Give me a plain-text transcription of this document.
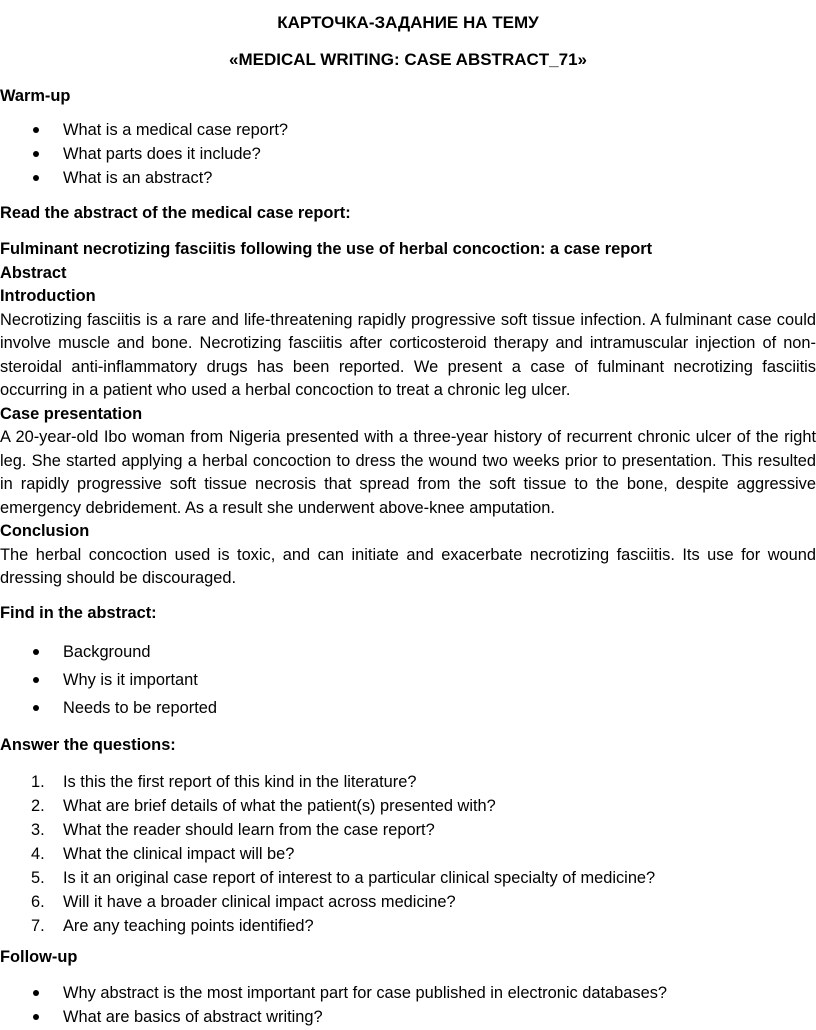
КАРТОЧКА-ЗАДАНИЕ НА ТЕМУ
«MEDICAL WRITING: CASE ABSTRACT_71»
Warm-up
What is a medical case report?
What parts does it include?
What is an abstract?
Read the abstract of the medical case report:
Fulminant necrotizing fasciitis following the use of herbal concoction: a case report
Abstract
Introduction
Necrotizing fasciitis is a rare and life-threatening rapidly progressive soft tissue infection. A fulminant case could involve muscle and bone. Necrotizing fasciitis after corticosteroid therapy and intramuscular injection of non-steroidal anti-inflammatory drugs has been reported. We present a case of fulminant necrotizing fasciitis occurring in a patient who used a herbal concoction to treat a chronic leg ulcer.
Case presentation
A 20-year-old Ibo woman from Nigeria presented with a three-year history of recurrent chronic ulcer of the right leg. She started applying a herbal concoction to dress the wound two weeks prior to presentation. This resulted in rapidly progressive soft tissue necrosis that spread from the soft tissue to the bone, despite aggressive emergency debridement. As a result she underwent above-knee amputation.
Conclusion
The herbal concoction used is toxic, and can initiate and exacerbate necrotizing fasciitis. Its use for wound dressing should be discouraged.
Find in the abstract:
Background
Why is it important
Needs to be reported
Answer the questions:
1. Is this the first report of this kind in the literature?
2. What are brief details of what the patient(s) presented with?
3. What the reader should learn from the case report?
4. What the clinical impact will be?
5. Is it an original case report of interest to a particular clinical specialty of medicine?
6. Will it have a broader clinical impact across medicine?
7. Are any teaching points identified?
Follow-up
Why abstract is the most important part for case published in electronic databases?
What are basics of abstract writing?
